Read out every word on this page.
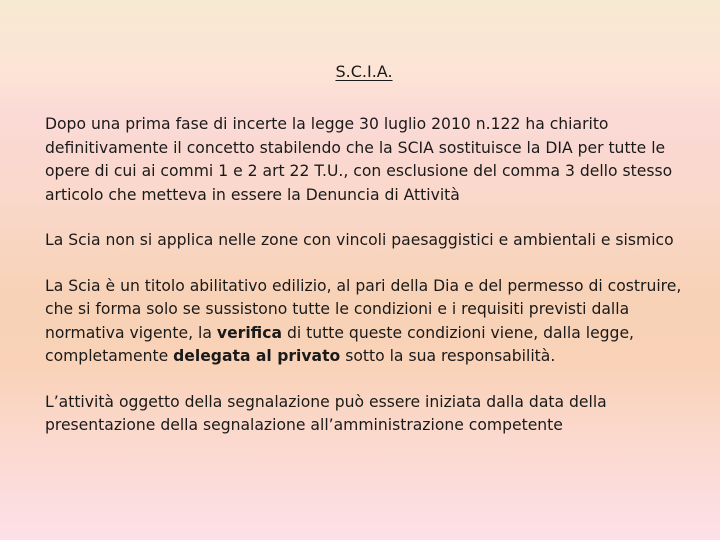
S.C.I.A.

Dopo una prima fase di incerte la legge 30 luglio 2010 n.122 ha chiarito definitivamente il concetto stabilendo che la SCIA sostituisce la DIA per tutte le opere di cui ai commi 1 e 2 art 22 T.U., con esclusione del comma 3 dello stesso articolo che metteva in essere la Denuncia di Attività

La Scia non si applica nelle zone con vincoli paesaggistici e ambientali e sismico

La Scia è un titolo abilitativo edilizio, al pari della Dia e del permesso di costruire, che si forma solo se sussistono tutte le condizioni e i requisiti previsti dalla normativa vigente, la verifica di tutte queste condizioni viene, dalla legge, completamente delegata al privato sotto la sua responsabilità.

L’attività oggetto della segnalazione può essere iniziata dalla data della presentazione della segnalazione all’amministrazione competente
